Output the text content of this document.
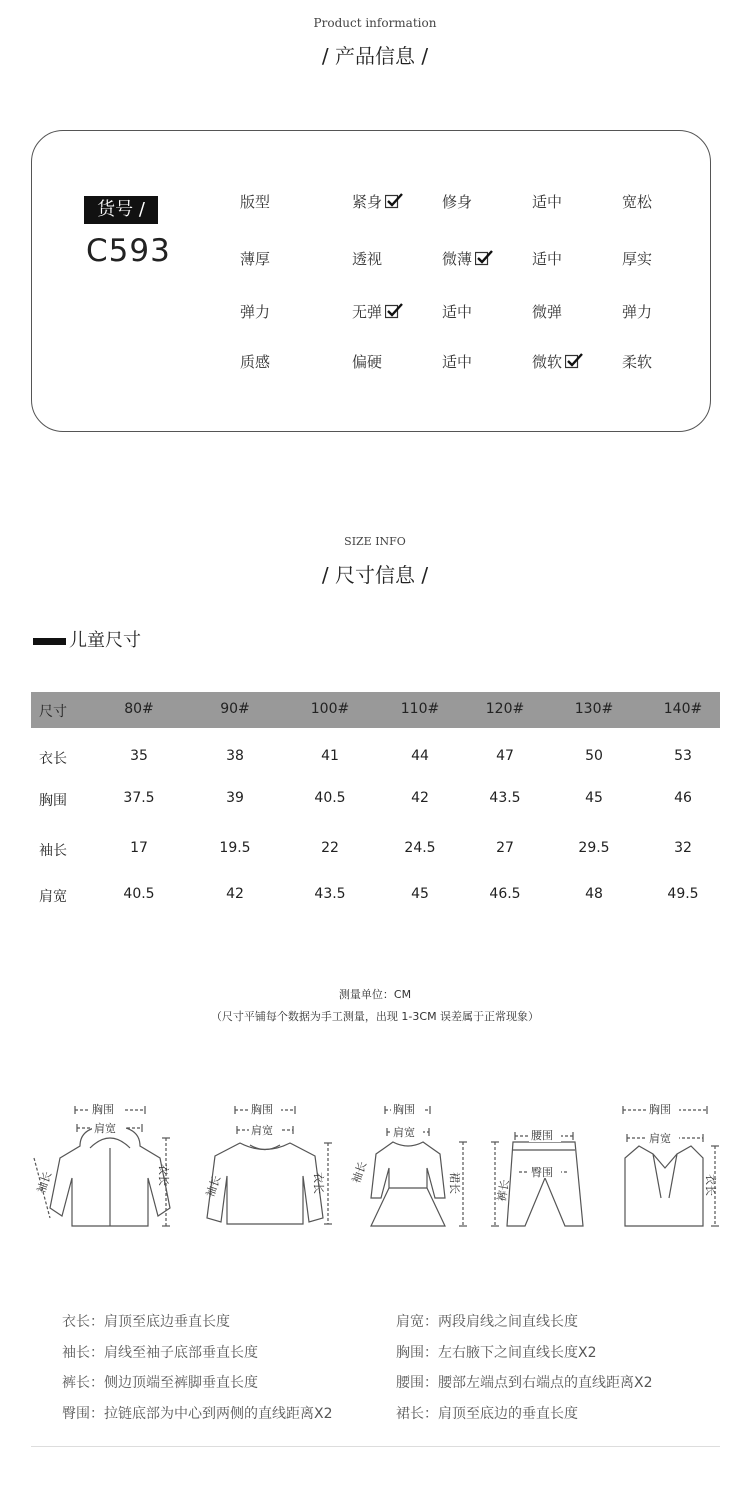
Product information
/ 产品信息 /
货号 /
C593
版型	紧身	修身	适中	宽松
薄厚	透视	微薄	适中	厚实
弹力	无弹	适中	微弹	弹力
质感	偏硬	适中	微软	柔软
SIZE INFO
/ 尺寸信息 /
儿童尺寸
尺寸	80#	90#	100#	110#	120#	130#	140#
衣长	35	38	41	44	47	50	53
胸围	37.5	39	40.5	42	43.5	45	46
袖长	17	19.5	22	24.5	27	29.5	32
肩宽	40.5	42	43.5	45	46.5	48	49.5
测量单位：CM
（尺寸平铺每个数据为手工测量，出现 1-3CM 误差属于正常现象）
胸围
肩宽
袖长	衣长
胸围
肩宽
袖长	衣长
胸围
肩宽
袖长	裙长
腰围
臀围
裤长
胸围
肩宽
衣长
衣长：肩顶至底边垂直长度
袖长：肩线至袖子底部垂直长度
裤长：侧边顶端至裤脚垂直长度
臀围：拉链底部为中心到两侧的直线距离X2
肩宽：两段肩线之间直线长度
胸围：左右腋下之间直线长度X2
腰围：腰部左端点到右端点的直线距离X2
裙长：肩顶至底边的垂直长度
